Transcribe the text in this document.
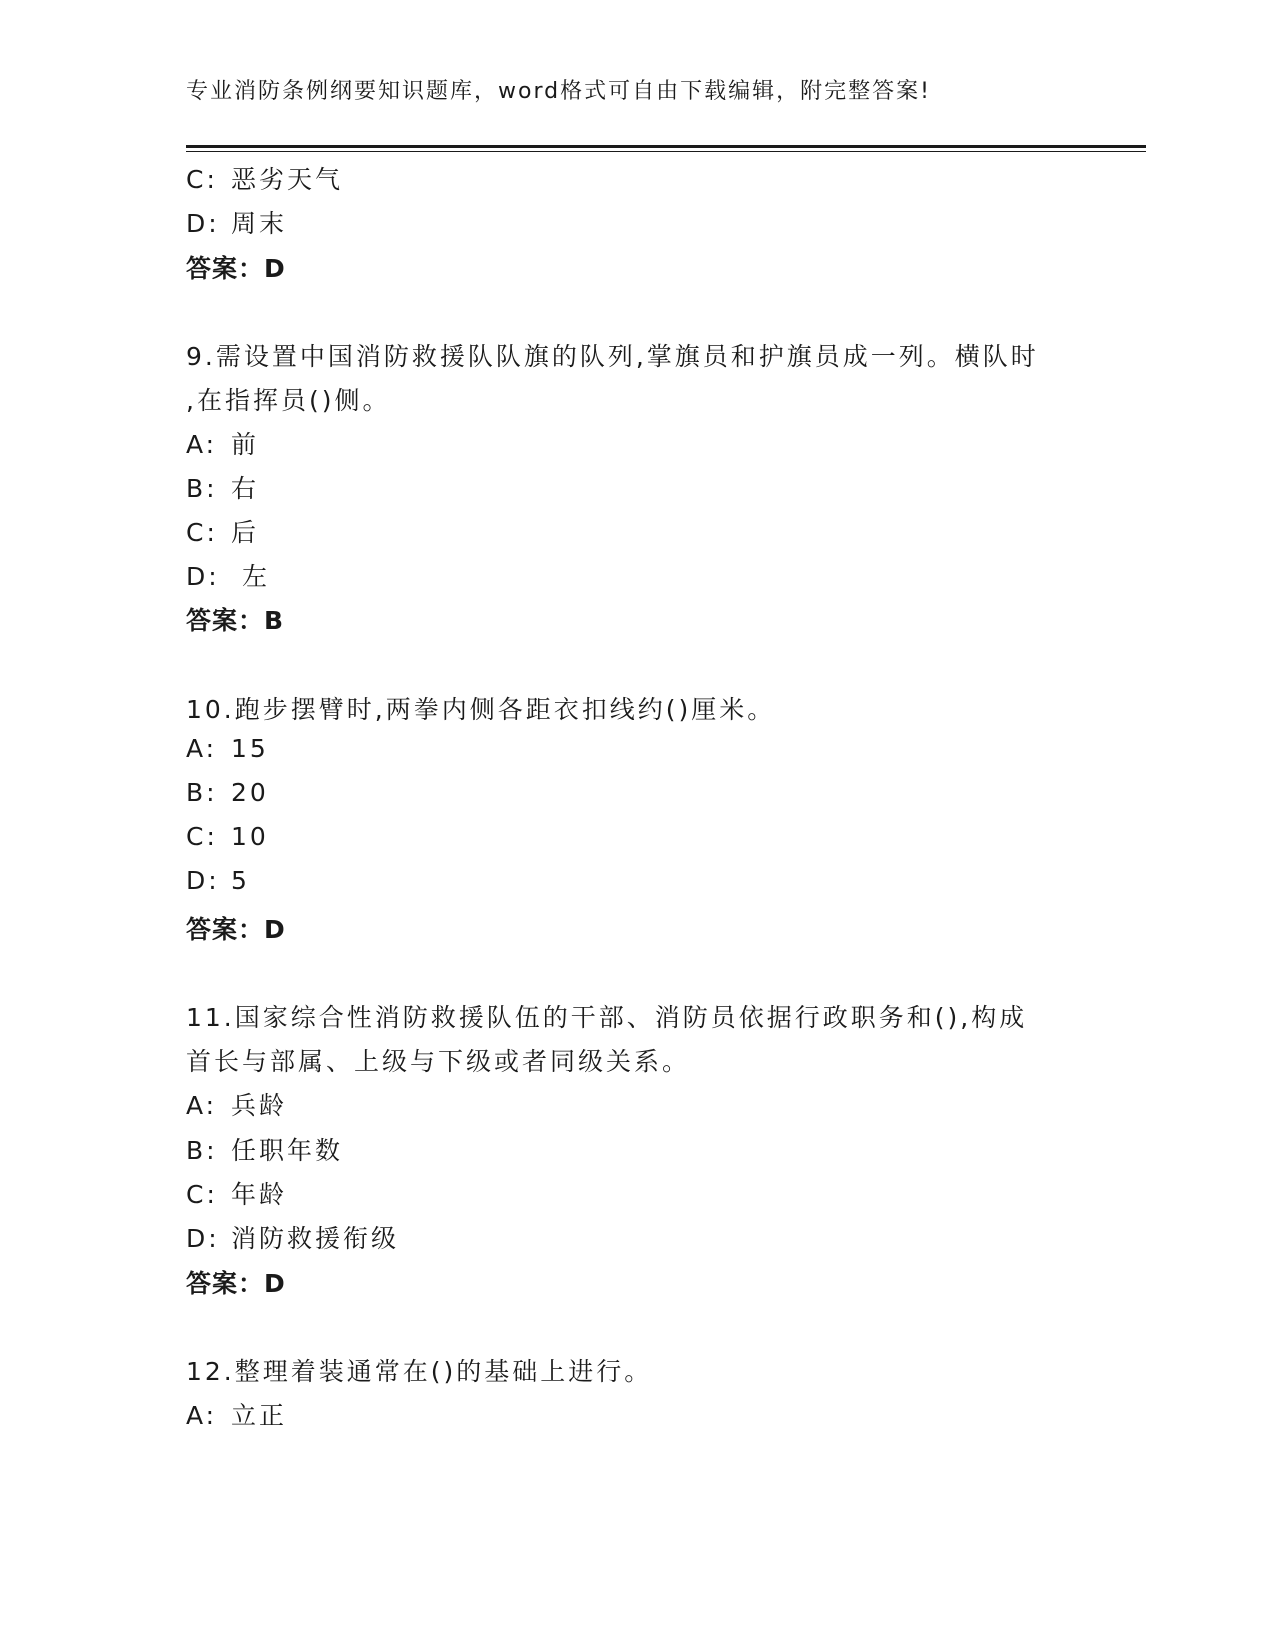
专业消防条例纲要知识题库，word格式可自由下载编辑，附完整答案!
C: 恶劣天气
D: 周末
答案：D
9.需设置中国消防救援队队旗的队列,掌旗员和护旗员成一列。横队时
,在指挥员()侧。
A: 前
B: 右
C: 后
D: 左
答案：B
10.跑步摆臂时,两拳内侧各距衣扣线约()厘米。
A: 15
B: 20
C: 10
D: 5
答案：D
11.国家综合性消防救援队伍的干部、消防员依据行政职务和(),构成
首长与部属、上级与下级或者同级关系。
A: 兵龄
B: 任职年数
C: 年龄
D: 消防救援衔级
答案：D
12.整理着装通常在()的基础上进行。
A: 立正
